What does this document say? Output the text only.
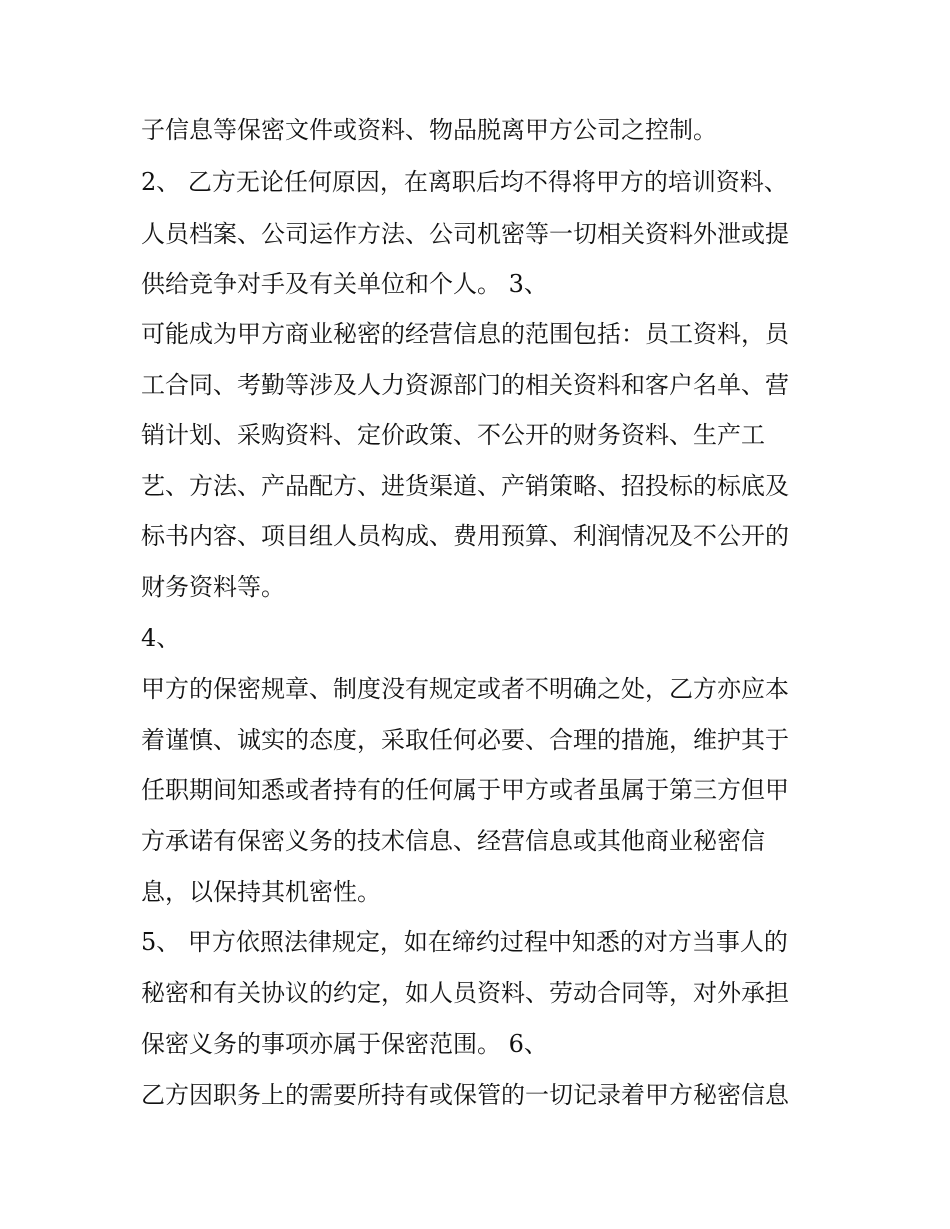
子信息等保密文件或资料、物品脱离甲方公司之控制。
2、 乙方无论任何原因，在离职后均不得将甲方的培训资料、
人员档案、公司运作方法、公司机密等一切相关资料外泄或提
供给竞争对手及有关单位和个人。 3、
可能成为甲方商业秘密的经营信息的范围包括：员工资料，员
工合同、考勤等涉及人力资源部门的相关资料和客户名单、营
销计划、采购资料、定价政策、不公开的财务资料、生产工
艺、方法、产品配方、进货渠道、产销策略、招投标的标底及
标书内容、项目组人员构成、费用预算、利润情况及不公开的
财务资料等。
4、
甲方的保密规章、制度没有规定或者不明确之处，乙方亦应本
着谨慎、诚实的态度，采取任何必要、合理的措施，维护其于
任职期间知悉或者持有的任何属于甲方或者虽属于第三方但甲
方承诺有保密义务的技术信息、经营信息或其他商业秘密信
息，以保持其机密性。
5、 甲方依照法律规定，如在缔约过程中知悉的对方当事人的
秘密和有关协议的约定，如人员资料、劳动合同等，对外承担
保密义务的事项亦属于保密范围。 6、
乙方因职务上的需要所持有或保管的一切记录着甲方秘密信息
